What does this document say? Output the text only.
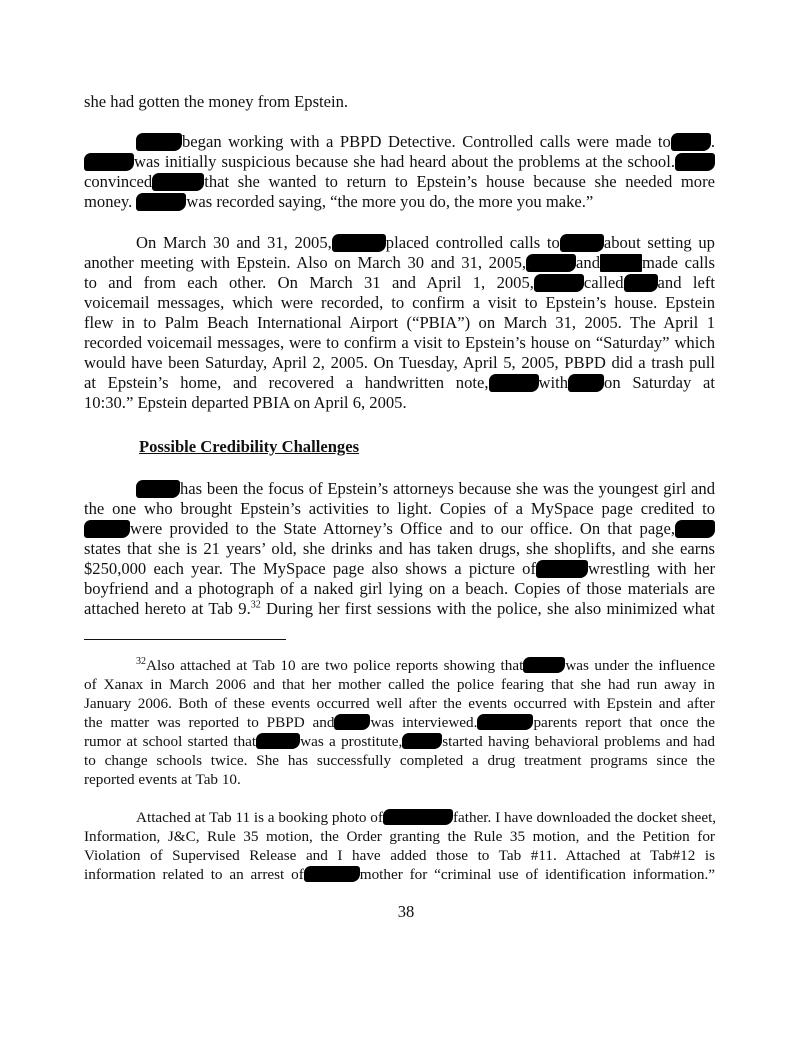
she had gotten the money from Epstein.
began working with a PBPD Detective. Controlled calls were made to .
was initially suspicious because she had heard about the problems at the school.
convinced	that she wanted to return to Epstein’s house because she needed more
money.	was recorded saying, “the more you do, the more you make.”
On March 30 and 31, 2005,	placed controlled calls to	about setting up
another meeting with Epstein. Also on March 30 and 31, 2005,	and	made calls
to and from each other. On March 31 and April 1, 2005,	called and left
voicemail messages, which were recorded, to confirm a visit to Epstein’s house. Epstein
flew in to Palm Beach International Airport (“PBIA”) on March 31, 2005. The April 1
recorded voicemail messages, were to confirm a visit to Epstein’s house on “Saturday” which
would have been Saturday, April 2, 2005. On Tuesday, April 5, 2005, PBPD did a trash pull
at Epstein’s home, and recovered a handwritten note,	with on Saturday at
10:30.” Epstein departed PBIA on April 6, 2005.
Possible Credibility Challenges
has been the focus of Epstein’s attorneys because she was the youngest girl and
the one who brought Epstein’s activities to light. Copies of a MySpace page credited to
were provided to the State Attorney’s Office and to our office. On that page,
states that she is 21 years’ old, she drinks and has taken drugs, she shoplifts, and she earns
$250,000 each year. The MySpace page also shows a picture of	wrestling with her
boyfriend and a photograph of a naked girl lying on a beach. Copies of those materials are
attached hereto at Tab 9.32 During her first sessions with the police, she also minimized what
$^{32}$Also attached at Tab 10 are two police reports showing that	was under the influence
of Xanax in March 2006 and that her mother called the police fearing that she had run away in
January 2006. Both of these events occurred well after the events occurred with Epstein and after
the matter was reported to PBPD and was interviewed.	parents report that once the
rumor at school started that	was a prostitute,	started having behavioral problems and had
to change schools twice. She has successfully completed a drug treatment programs since the
reported events at Tab 10.
Attached at Tab 11 is a booking photo of	father. I have downloaded the docket sheet,
Information, J&C, Rule 35 motion, the Order granting the Rule 35 motion, and the Petition for
Violation of Supervised Release and I have added those to Tab #11. Attached at Tab#12 is
information related to an arrest of	mother for “criminal use of identification information.”
38
